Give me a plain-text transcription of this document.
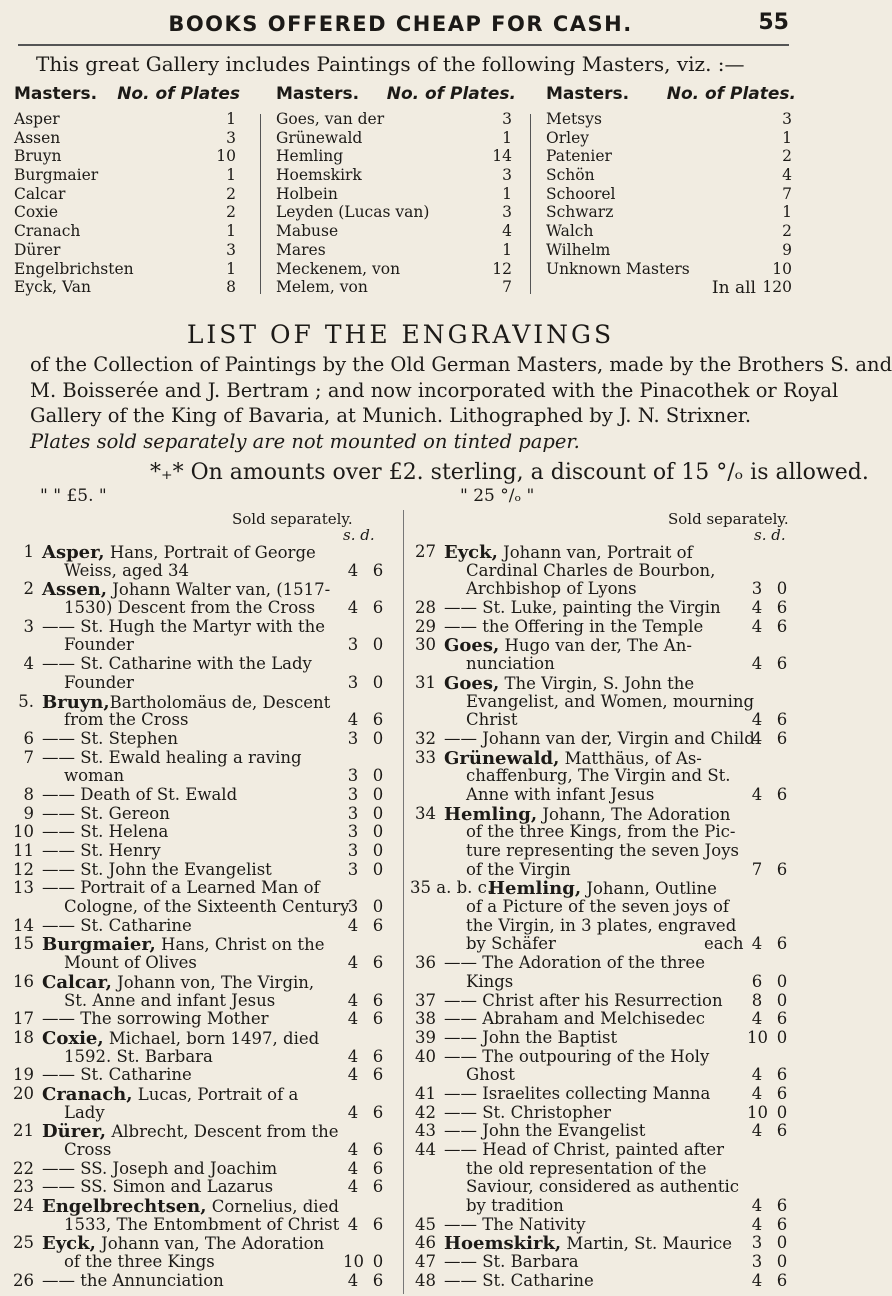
BOOKS OFFERED CHEAP FOR CASH.	55
This great Gallery includes Paintings of the following Masters, viz. :—
Masters. No. of Plates
Asper	1
Assen	3
Bruyn	10
Burgmaier	1
Calcar	2
Coxie	2
Cranach	1
Dürer	3
Engelbrichsten	1
Eyck, Van	8
Masters. No. of Plates.
Goes, van der	3
Grünewald	1
Hemling	14
Hoemskirk	3
Holbein	1
Leyden (Lucas van)	3
Mabuse	4
Mares	1
Meckenem, von	12
Melem, von	7
Masters. No. of Plates.
Metsys	3
Orley	1
Patenier	2
Schön	4
Schoorel	7
Schwarz	1
Walch	2
Wilhelm	9
Unknown Masters	10
In all 120
LIST OF THE ENGRAVINGS
of the Collection of Paintings by the Old German Masters, made by the Brothers S. and
M. Boisserée and J. Bertram ; and now incorporated with the Pinacothek or Royal
Gallery of the King of Bavaria, at Munich. Lithographed by J. N. Strixner.
Plates sold separately are not mounted on tinted paper.
*₊* On amounts over £2. sterling, a discount of 15 °/ₒ is allowed.
" " £5. "	" 25 °/ₒ "
Sold separately.	Sold separately.
s. d.	s. d.
1 Asper, Hans, Portrait of George
Weiss, aged 34	4 6
2 Assen, Johann Walter van, (1517-
1530) Descent from the Cross 4 6
3 —— St. Hugh the Martyr with the
Founder	3 0
4 —— St. Catharine with the Lady
Founder	3 0
5. Bruyn,Bartholomäus de, Descent
from the Cross	4 6
6 —— St. Stephen	3 0
7 —— St. Ewald healing a raving
woman	3 0
8 —— Death of St. Ewald	3 0
9 —— St. Gereon	3 0
10 —— St. Helena	3 0
11 —— St. Henry	3 0
12 —— St. John the Evangelist	3 0
13 —— Portrait of a Learned Man of
Cologne, of the Sixteenth Century
3 0
14 —— St. Catharine	4 6
15 Burgmaier, Hans, Christ on the
Mount of Olives	4 6
16 Calcar, Johann von, The Virgin,
St. Anne and infant Jesus	4 6
17 —— The sorrowing Mother	4 6
18 Coxie, Michael, born 1497, died
1592. St. Barbara	4 6
19 —— St. Catharine	4 6
20 Cranach, Lucas, Portrait of a
Lady	4 6
21 Dürer, Albrecht, Descent from the
Cross	4 6
22 —— SS. Joseph and Joachim	4 6
23 —— SS. Simon and Lazarus	4 6
24 Engelbrechtsen, Cornelius, died
1533, The Entombment of Christ 4 6
25 Eyck, Johann van, The Adoration
of the three Kings	10 0
26 —— the Annunciation	4 6
27 Eyck, Johann van, Portrait of
Cardinal Charles de Bourbon,
Archbishop of Lyons	3 0
28 —— St. Luke, painting the Virgin 4 6
29 —— the Offering in the Temple	4 6
30 Goes, Hugo van der, The An-
nunciation	4 6
31 Goes, The Virgin, S. John the
Evangelist, and Women, mourning
Christ	4 6
32 —— Johann van der, Virgin and Child
4 6
33 Grünewald, Matthäus, of As-
chaffenburg, The Virgin and St.
Anne with infant Jesus	4 6
34 Hemling, Johann, The Adoration
of the three Kings, from the Pic-
ture representing the seven Joys
of the Virgin	7 6
35 a. b. c.
Hemling, Johann, Outline
of a Picture of the seven joys of
the Virgin, in 3 plates, engraved
by Schäfer	each 4 6
36 —— The Adoration of the three
Kings	6 0
37 —— Christ after his Resurrection 8 0
38 —— Abraham and Melchisedec	4 6
39 —— John the Baptist	10 0
40 —— The outpouring of the Holy
Ghost	4 6
41 —— Israelites collecting Manna	4 6
42 —— St. Christopher	10 0
43 —— John the Evangelist	4 6
44 —— Head of Christ, painted after
the old representation of the
Saviour, considered as authentic
by tradition	4 6
45 —— The Nativity	4 6
46 Hoemskirk, Martin, St. Maurice 3 0
47 —— St. Barbara	3 0
48 —— St. Catharine	4 6
